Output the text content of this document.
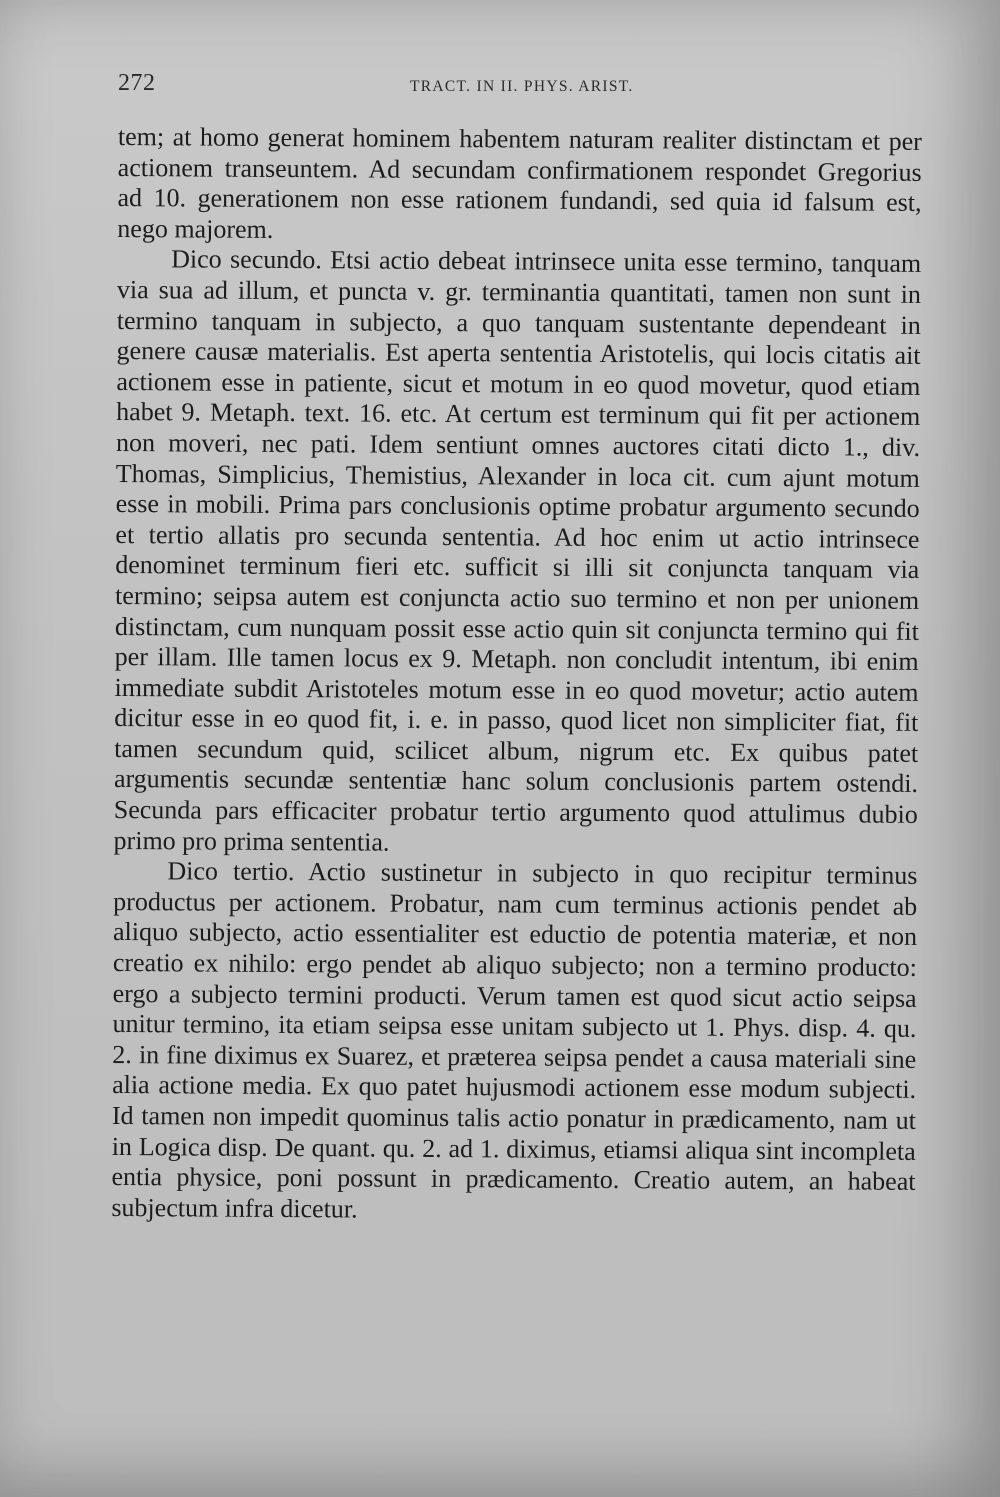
272	TRACT. IN II. PHYS. ARIST.

tem; at homo generat hominem habentem naturam realiter distinctam et per actionem transeuntem. Ad secundam confirmationem respondet Gregorius ad 10. generationem non esse rationem fundandi, sed quia id falsum est, nego majorem.

Dico secundo. Etsi actio debeat intrinsece unita esse termino, tanquam via sua ad illum, et puncta v. gr. terminantia quantitati, tamen non sunt in termino tanquam in subjecto, a quo tanquam sustentante dependeant in genere causæ materialis. Est aperta sententia Aristotelis, qui locis citatis ait actionem esse in patiente, sicut et motum in eo quod movetur, quod etiam habet 9. Metaph. text. 16. etc. At certum est terminum qui fit per actionem non moveri, nec pati. Idem sentiunt omnes auctores citati dicto 1., div. Thomas, Simplicius, Themistius, Alexander in loca cit. cum ajunt motum esse in mobili. Prima pars conclusionis optime probatur argumento secundo et tertio allatis pro secunda sententia. Ad hoc enim ut actio intrinsece denominet terminum fieri etc. sufficit si illi sit conjuncta tanquam via termino; seipsa autem est conjuncta actio suo termino et non per unionem distinctam, cum nunquam possit esse actio quin sit conjuncta termino qui fit per illam. Ille tamen locus ex 9. Metaph. non concludit intentum, ibi enim immediate subdit Aristoteles motum esse in eo quod movetur; actio autem dicitur esse in eo quod fit, i. e. in passo, quod licet non simpliciter fiat, fit tamen secundum quid, scilicet album, nigrum etc. Ex quibus patet argumentis secundæ sententiæ hanc solum conclusionis partem ostendi. Secunda pars efficaciter probatur tertio argumento quod attulimus dubio primo pro prima sententia.

Dico tertio. Actio sustinetur in subjecto in quo recipitur terminus productus per actionem. Probatur, nam cum terminus actionis pendet ab aliquo subjecto, actio essentialiter est eductio de potentia materiæ, et non creatio ex nihilo: ergo pendet ab aliquo subjecto; non a termino producto: ergo a subjecto termini producti. Verum tamen est quod sicut actio seipsa unitur termino, ita etiam seipsa esse unitam subjecto ut 1. Phys. disp. 4. qu. 2. in fine diximus ex Suarez, et præterea seipsa pendet a causa materiali sine alia actione media. Ex quo patet hujusmodi actionem esse modum subjecti. Id tamen non impedit quominus talis actio ponatur in prædicamento, nam ut in Logica disp. De quant. qu. 2. ad 1. diximus, etiamsi aliqua sint incompleta entia physice, poni possunt in prædicamento. Creatio autem, an habeat subjectum infra dicetur.
